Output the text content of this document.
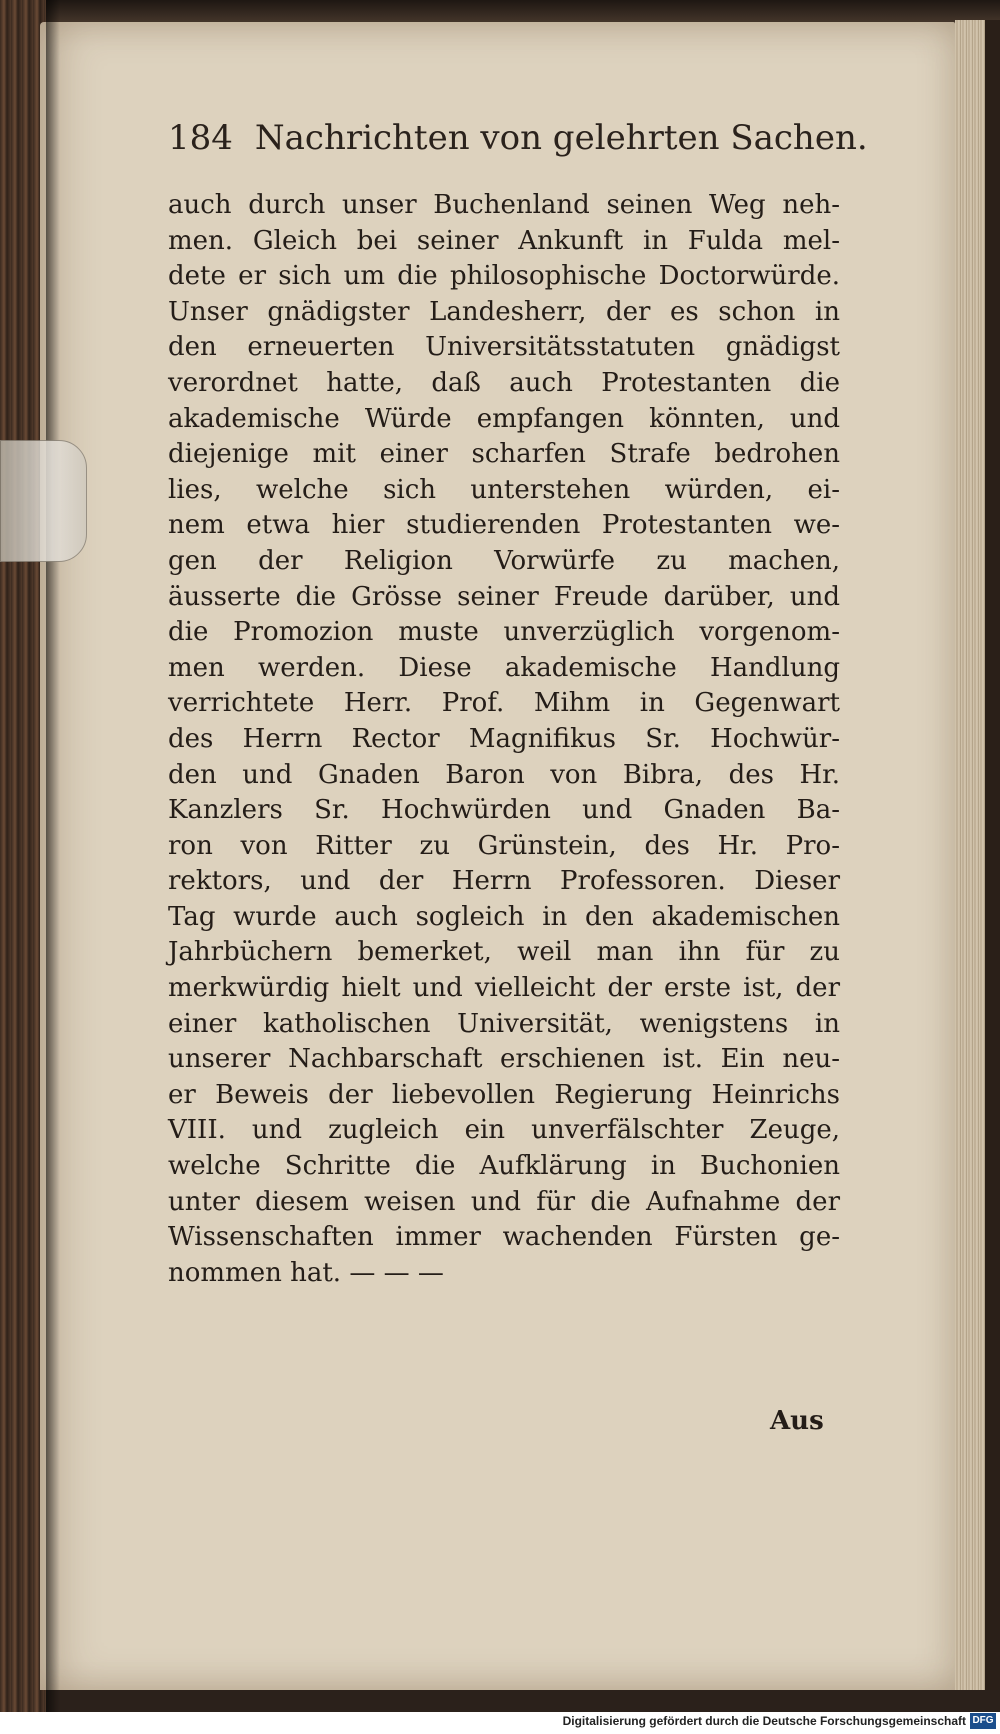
184 Nachrichten von gelehrten Sachen.
auch durch unser Buchenland seinen Weg neh-
men. Gleich bei seiner Ankunft in Fulda mel-
dete er sich um die philosophische Doctorwürde.
Unser gnädigster Landesherr, der es schon in
den erneuerten Universitätsstatuten gnädigst
verordnet hatte, daß auch Protestanten die
akademische Würde empfangen könnten, und
diejenige mit einer scharfen Strafe bedrohen
lies, welche sich unterstehen würden, ei-
nem etwa hier studierenden Protestanten we-
gen der Religion Vorwürfe zu machen,
äusserte die Grösse seiner Freude darüber, und
die Promozion muste unverzüglich vorgenom-
men werden. Diese akademische Handlung
verrichtete Herr. Prof. Mihm in Gegenwart
des Herrn Rector Magnifikus Sr. Hochwür-
den und Gnaden Baron von Bibra, des Hr.
Kanzlers Sr. Hochwürden und Gnaden Ba-
ron von Ritter zu Grünstein, des Hr. Pro-
rektors, und der Herrn Professoren. Dieser
Tag wurde auch sogleich in den akademischen
Jahrbüchern bemerket, weil man ihn für zu
merkwürdig hielt und vielleicht der erste ist, der
einer katholischen Universität, wenigstens in
unserer Nachbarschaft erschienen ist. Ein neu-
er Beweis der liebevollen Regierung Heinrichs
VIII. und zugleich ein unverfälschter Zeuge,
welche Schritte die Aufklärung in Buchonien
unter diesem weisen und für die Aufnahme der
Wissenschaften immer wachenden Fürsten ge-
nommen hat. — — —
Aus
Digitalisierung gefördert durch die Deutsche Forschungsgemeinschaft DFG
